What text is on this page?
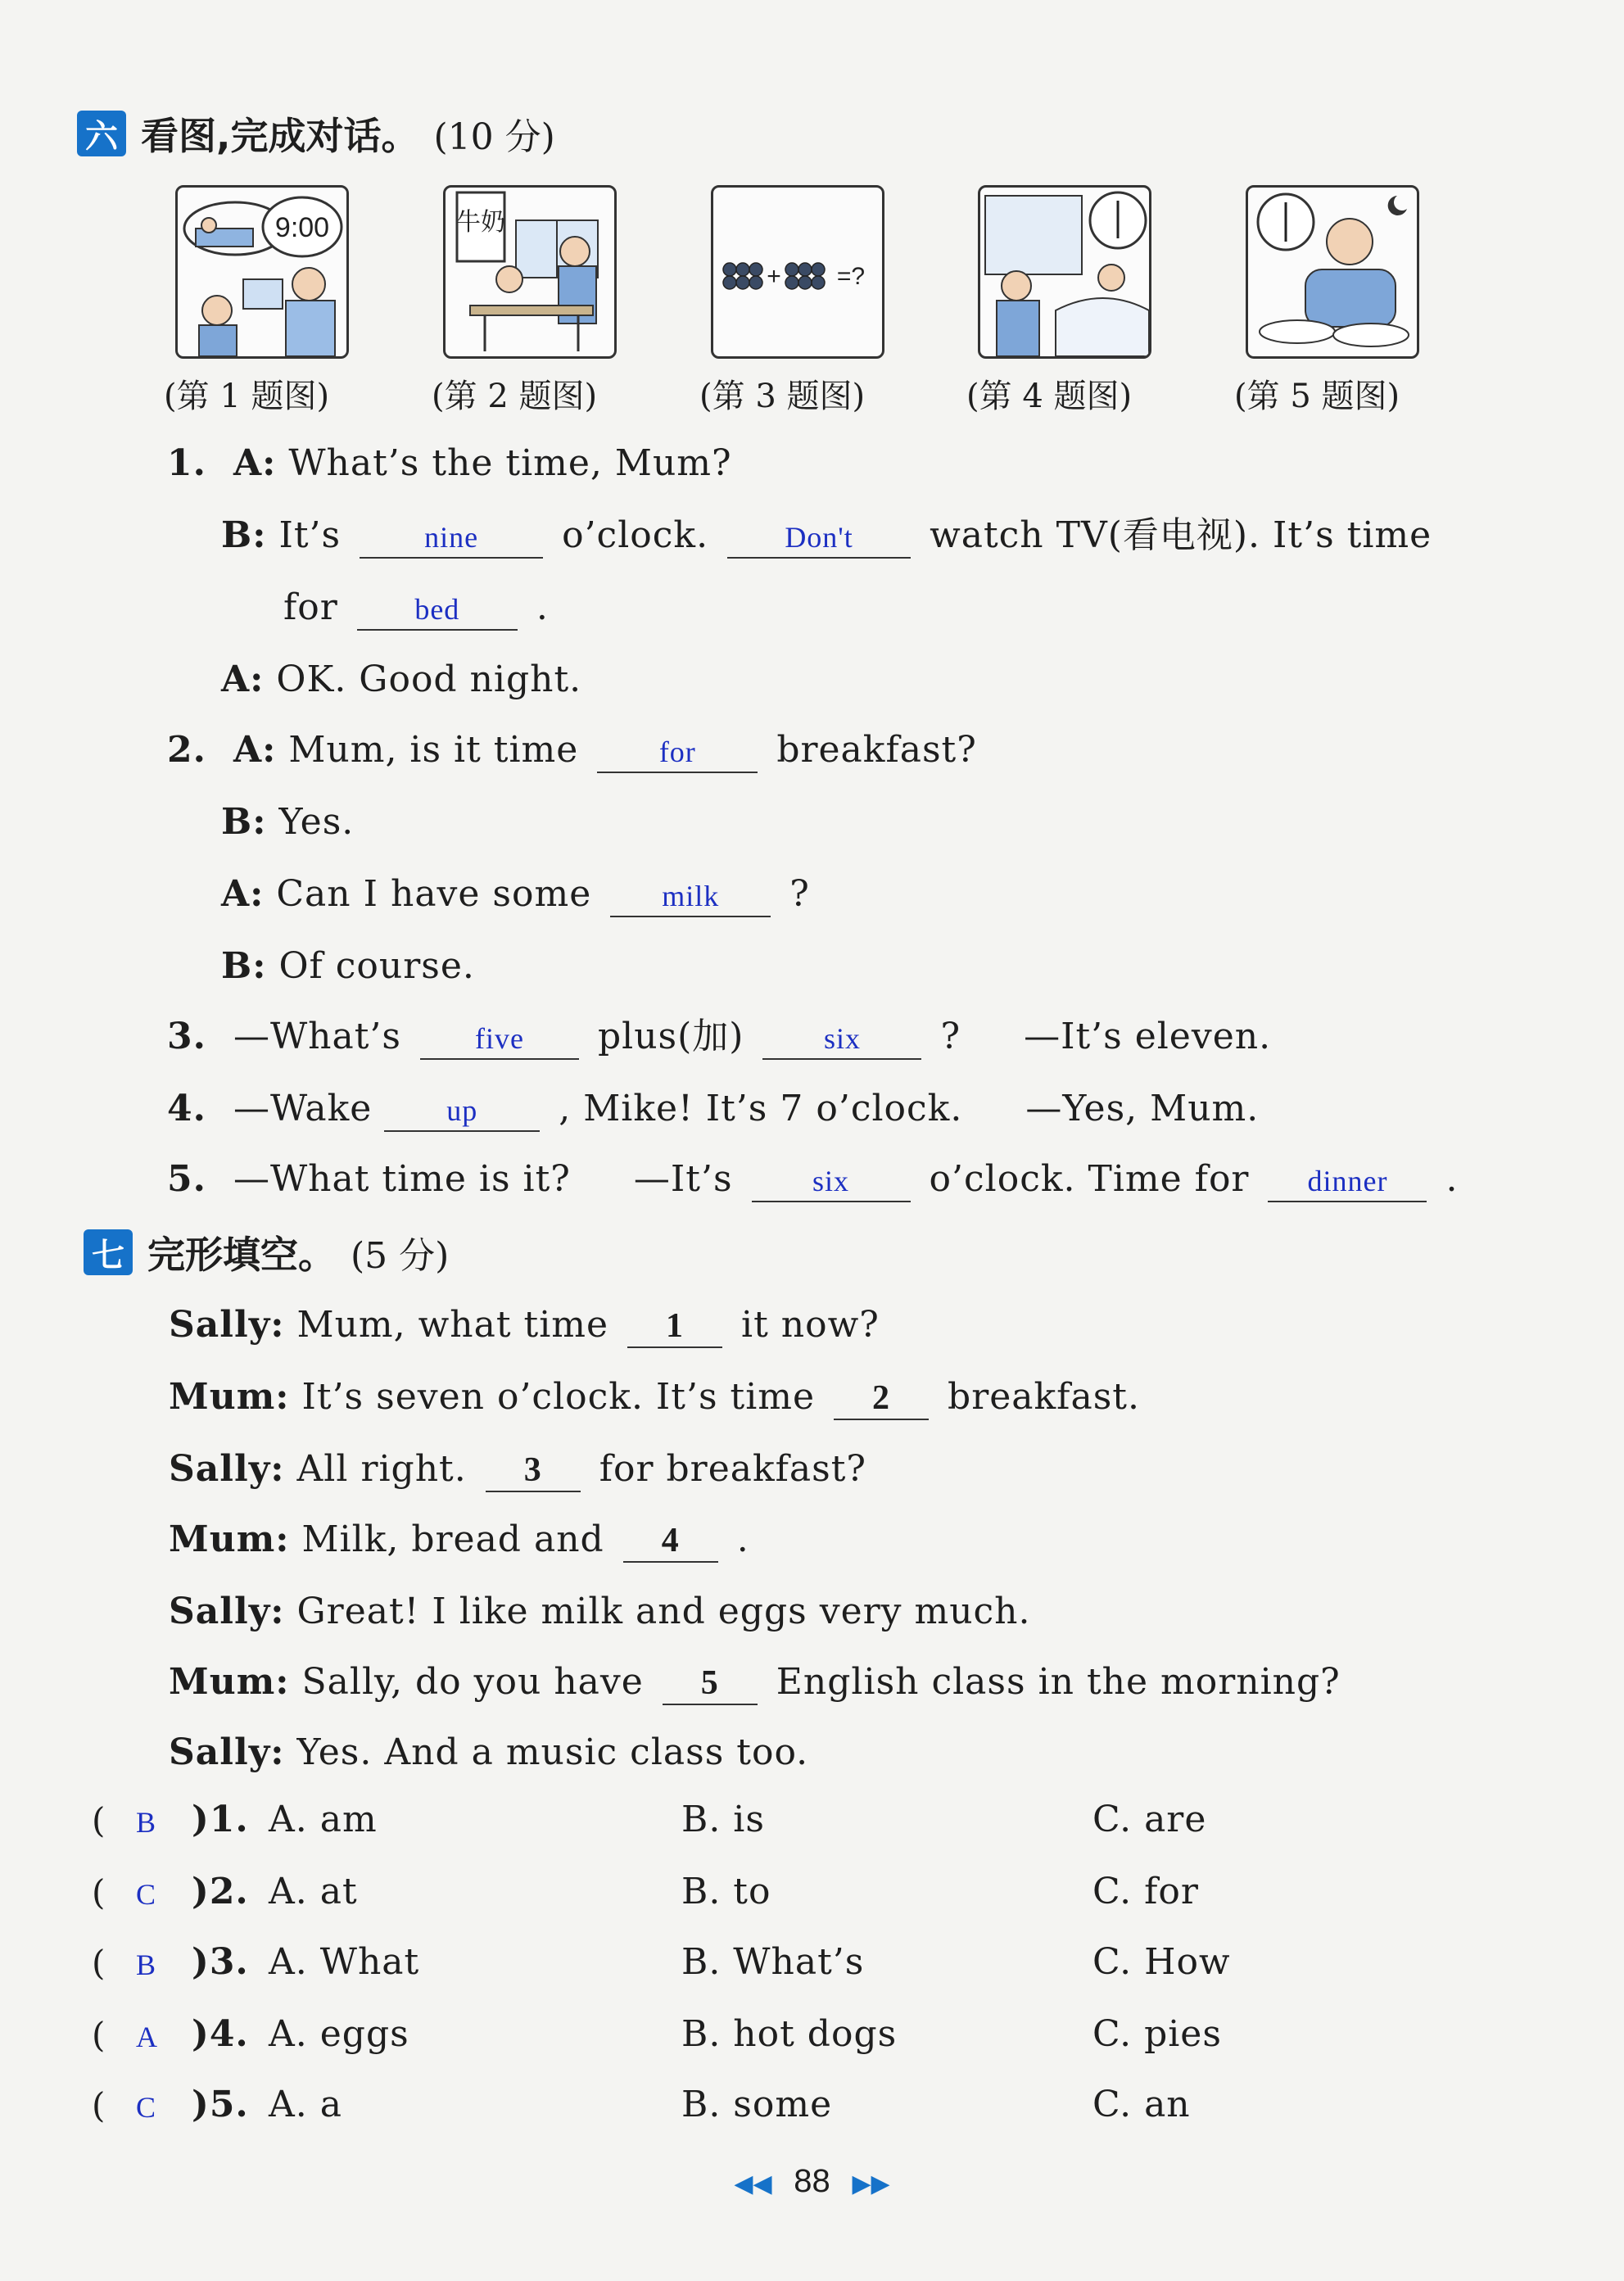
六 看图,完成对话。 (10 分)
9:00	牛奶
+ =?
(第 1 题图)	(第 2 题图)	(第 3 题图)	(第 4 题图)	(第 5 题图)
1. A: What’s the time, Mum?
B: It’s	nine o’clock.	Don't watch TV(看电视). It’s time
for	bed .
A: OK. Good night.
2. A: Mum, is it time	for breakfast?
B: Yes.
A: Can I have some milk ?
B: Of course.
3. —What’s	five plus(加)	six ? —It’s eleven.
4. —Wake	up , Mike! It’s 7 o’clock. —Yes, Mum.
5. —What time is it? —It’s	six o’clock. Time for dinner .
七 完形填空。 (5 分)
Sally: Mum, what time 1 it now?
Mum: It’s seven o’clock. It’s time 2 breakfast.
Sally: All right. 3 for breakfast?
Mum: Milk, bread and 4 .
Sally: Great! I like milk and eggs very much.
Mum: Sally, do you have 5 English class in the morning?
Sally: Yes. And a music class too.
( B )1. A. am	B. is	C. are
( C )2. A. at	B. to	C. for
( B )3. A. What	B. What’s	C. How
( A )4. A. eggs	B. hot dogs	C. pies
( C )5. A. a	B. some	C. an
◀◀ 88 ▶▶
